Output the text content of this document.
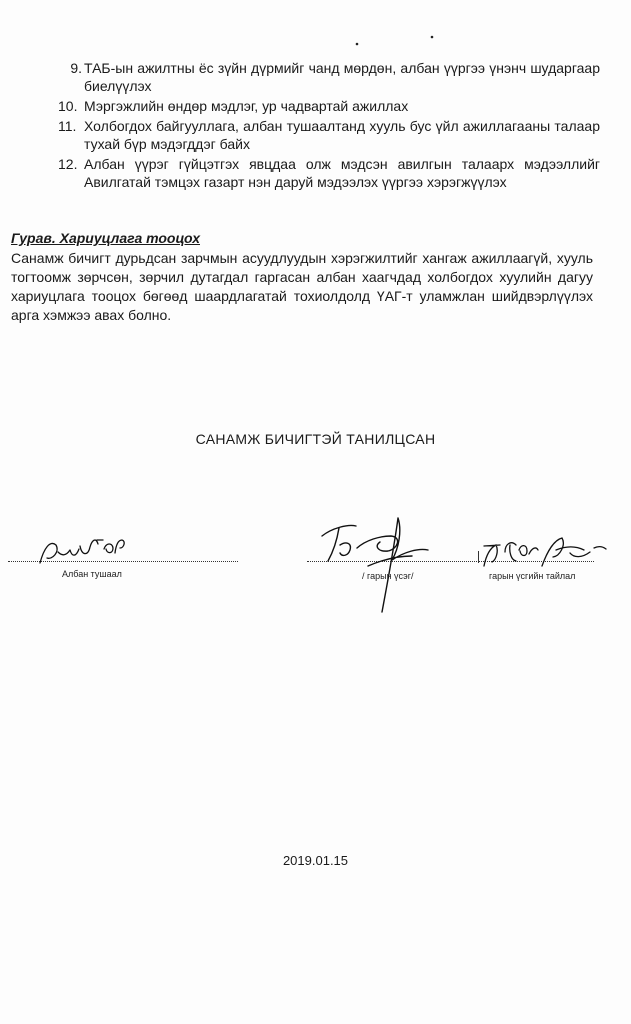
9. ТАБ-ын ажилтны ёс зүйн дүрмийг чанд мөрдөн, албан үүргээ үнэнч шударгаар биелүүлэх
10. Мэргэжлийн өндөр мэдлэг, ур чадвартай ажиллах
11. Холбогдох байгууллага, албан тушаалтанд хууль бус үйл ажиллагааны талаар тухай бүр мэдэгддэг байх
12. Албан үүрэг гүйцэтгэх явцдаа олж мэдсэн авилгын талаарх мэдээллийг Авилгатай тэмцэх газарт нэн даруй мэдээлэх үүргээ хэрэгжүүлэх
Гурав. Хариуцлага тооцох

Санамж бичигт дурьдсан зарчмын асуудлуудын хэрэгжилтийг хангаж ажиллаагүй, хууль тогтоомж зөрчсөн, зөрчил дутагдал гаргасан албан хаагчдад холбогдох хуулийн дагуу хариуцлага тооцох бөгөөд шаардлагатай тохиолдолд ҮАГ-т уламжлан шийдвэрлүүлэх арга хэмжээ авах болно.

САНАМЖ БИЧИГТЭЙ ТАНИЛЦСАН
Албан тушаал	/ гарын үсэг/	гарын үсгийн тайлал
2019.01.15
